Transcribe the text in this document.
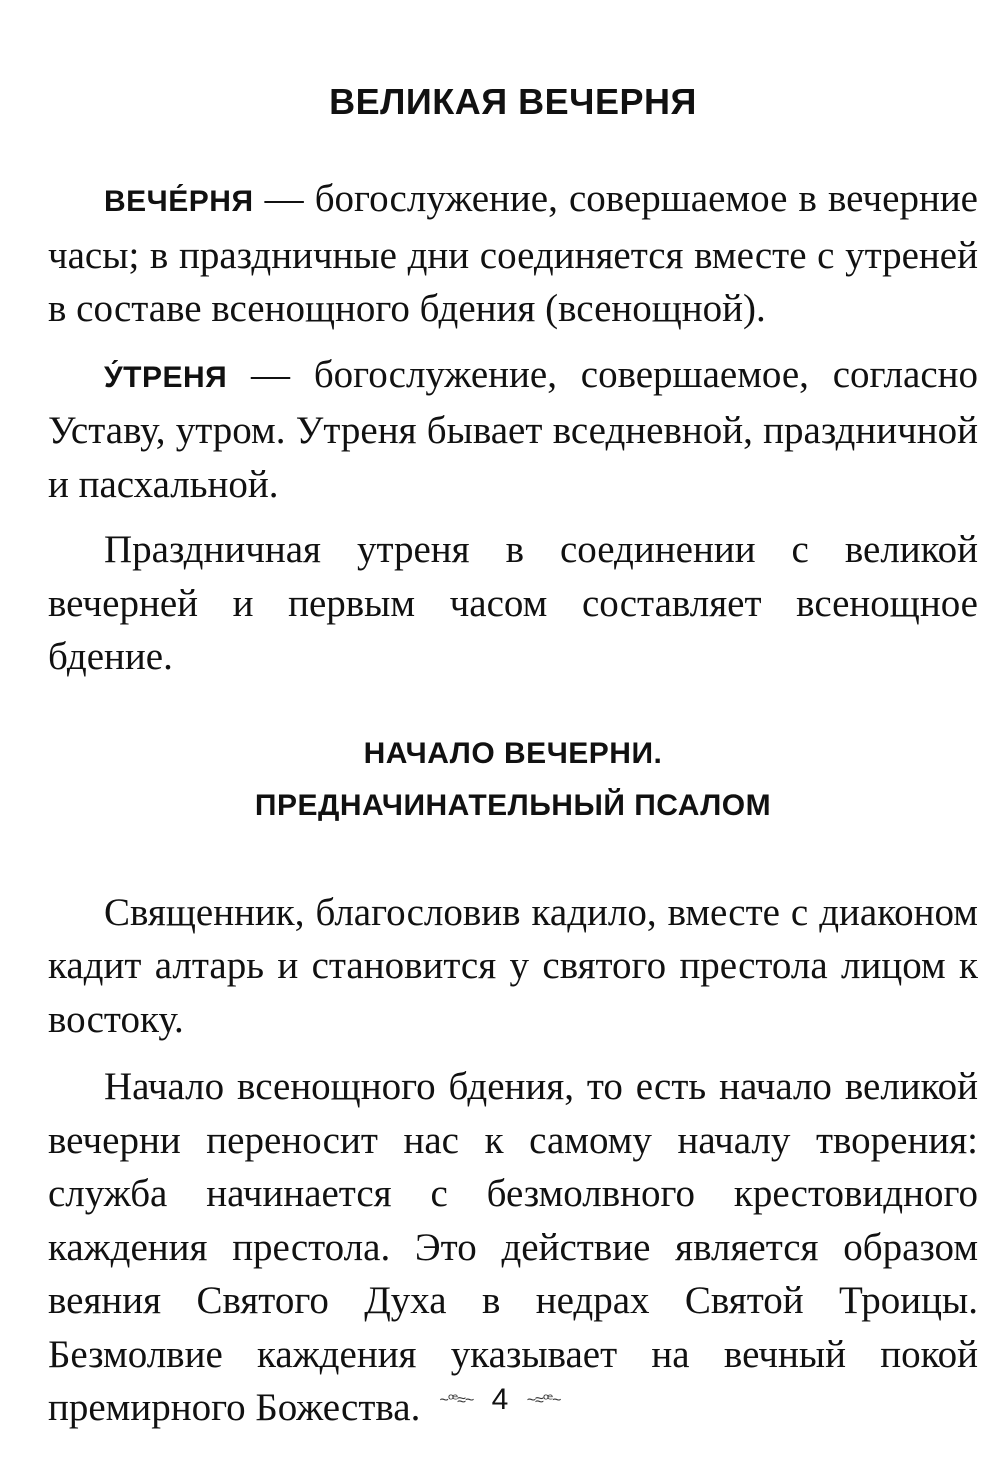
ВЕЛИКАЯ ВЕЧЕРНЯ

ВЕЧЕ́РНЯ — богослужение, совершаемое в вечерние часы; в праздничные дни соединяется вместе с утреней в составе всенощного бдения (всенощной).

У́ТРЕНЯ — богослужение, совершаемое, согласно Уставу, утром. Утреня бывает вседневной, праздничной и пасхальной.

Праздничная утреня в соединении с великой вечерней и первым часом составляет всенощное бдение.

НАЧАЛО ВЕЧЕРНИ.
ПРЕДНАЧИНАТЕЛЬНЫЙ ПСАЛОМ

Священник, благословив кадило, вместе с диаконом кадит алтарь и становится у святого престола лицом к востоку.

Начало всенощного бдения, то есть начало великой вечерни переносит нас к самому началу творения: служба начинается с безмолвного крестовидного каждения престола. Это действие является образом веяния Святого Духа в недрах Святой Троицы. Безмолвие каждения указывает на вечный покой премирного Божества.	~ꟹ≈~ 4 ~≈ꟹ~
